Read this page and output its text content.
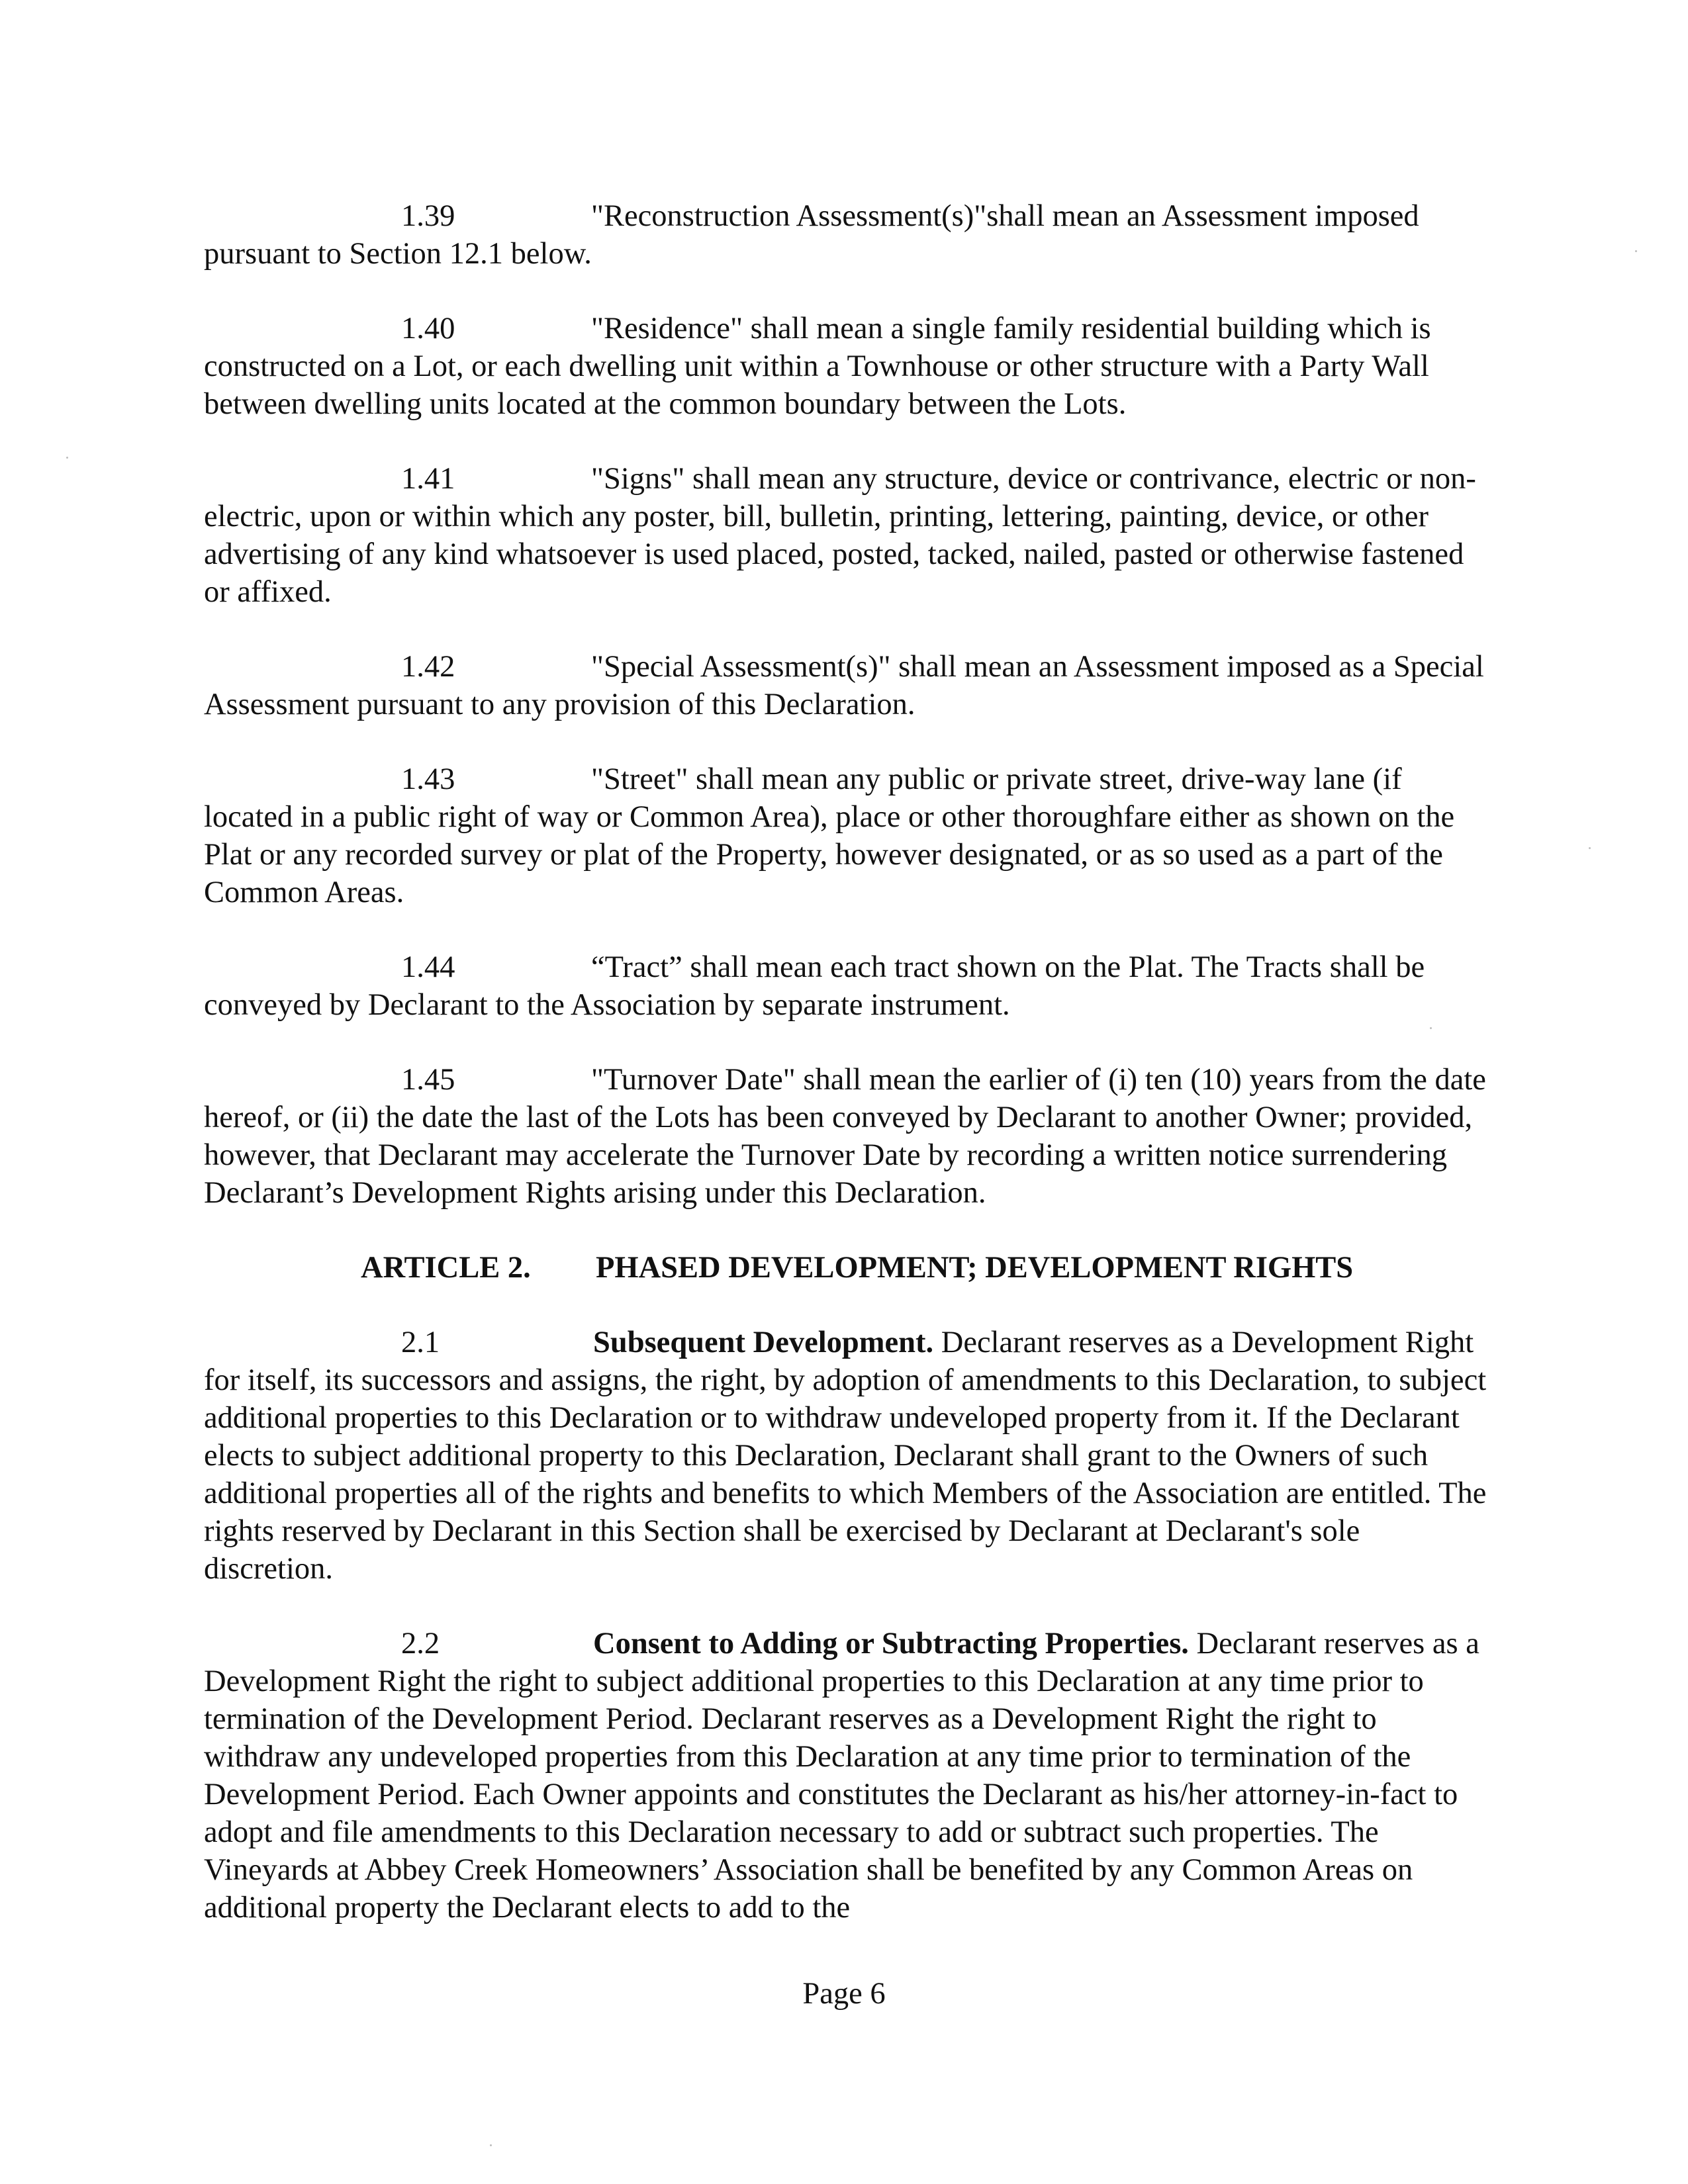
1.39	"Reconstruction Assessment(s)"shall mean an Assessment imposed pursuant to Section 12.1 below.

1.40	"Residence" shall mean a single family residential building which is constructed on a Lot, or each dwelling unit within a Townhouse or other structure with a Party Wall between dwelling units located at the common boundary between the Lots.

1.41	"Signs" shall mean any structure, device or contrivance, electric or non-electric, upon or within which any poster, bill, bulletin, printing, lettering, painting, device, or other advertising of any kind whatsoever is used placed, posted, tacked, nailed, pasted or otherwise fastened or affixed.

1.42	"Special Assessment(s)" shall mean an Assessment imposed as a Special Assessment pursuant to any provision of this Declaration.

1.43	"Street" shall mean any public or private street, drive-way lane (if located in a public right of way or Common Area), place or other thoroughfare either as shown on the Plat or any recorded survey or plat of the Property, however designated, or as so used as a part of the Common Areas.

1.44	“Tract” shall mean each tract shown on the Plat. The Tracts shall be conveyed by Declarant to the Association by separate instrument.

1.45	"Turnover Date" shall mean the earlier of (i) ten (10) years from the date hereof, or (ii) the date the last of the Lots has been conveyed by Declarant to another Owner; provided, however, that Declarant may accelerate the Turnover Date by recording a written notice surrendering Declarant’s Development Rights arising under this Declaration.

ARTICLE 2. PHASED DEVELOPMENT; DEVELOPMENT RIGHTS

2.1	Subsequent Development. Declarant reserves as a Development Right for itself, its successors and assigns, the right, by adoption of amendments to this Declaration, to subject additional properties to this Declaration or to withdraw undeveloped property from it. If the Declarant elects to subject additional property to this Declaration, Declarant shall grant to the Owners of such additional properties all of the rights and benefits to which Members of the Association are entitled. The rights reserved by Declarant in this Section shall be exercised by Declarant at Declarant's sole discretion.

2.2	Consent to Adding or Subtracting Properties. Declarant reserves as a Development Right the right to subject additional properties to this Declaration at any time prior to termination of the Development Period. Declarant reserves as a Development Right the right to withdraw any undeveloped properties from this Declaration at any time prior to termination of the Development Period. Each Owner appoints and constitutes the Declarant as his/her attorney-in-fact to adopt and file amendments to this Declaration necessary to add or subtract such properties. The Vineyards at Abbey Creek Homeowners’ Association shall be benefited by any Common Areas on additional property the Declarant elects to add to the

Page 6
